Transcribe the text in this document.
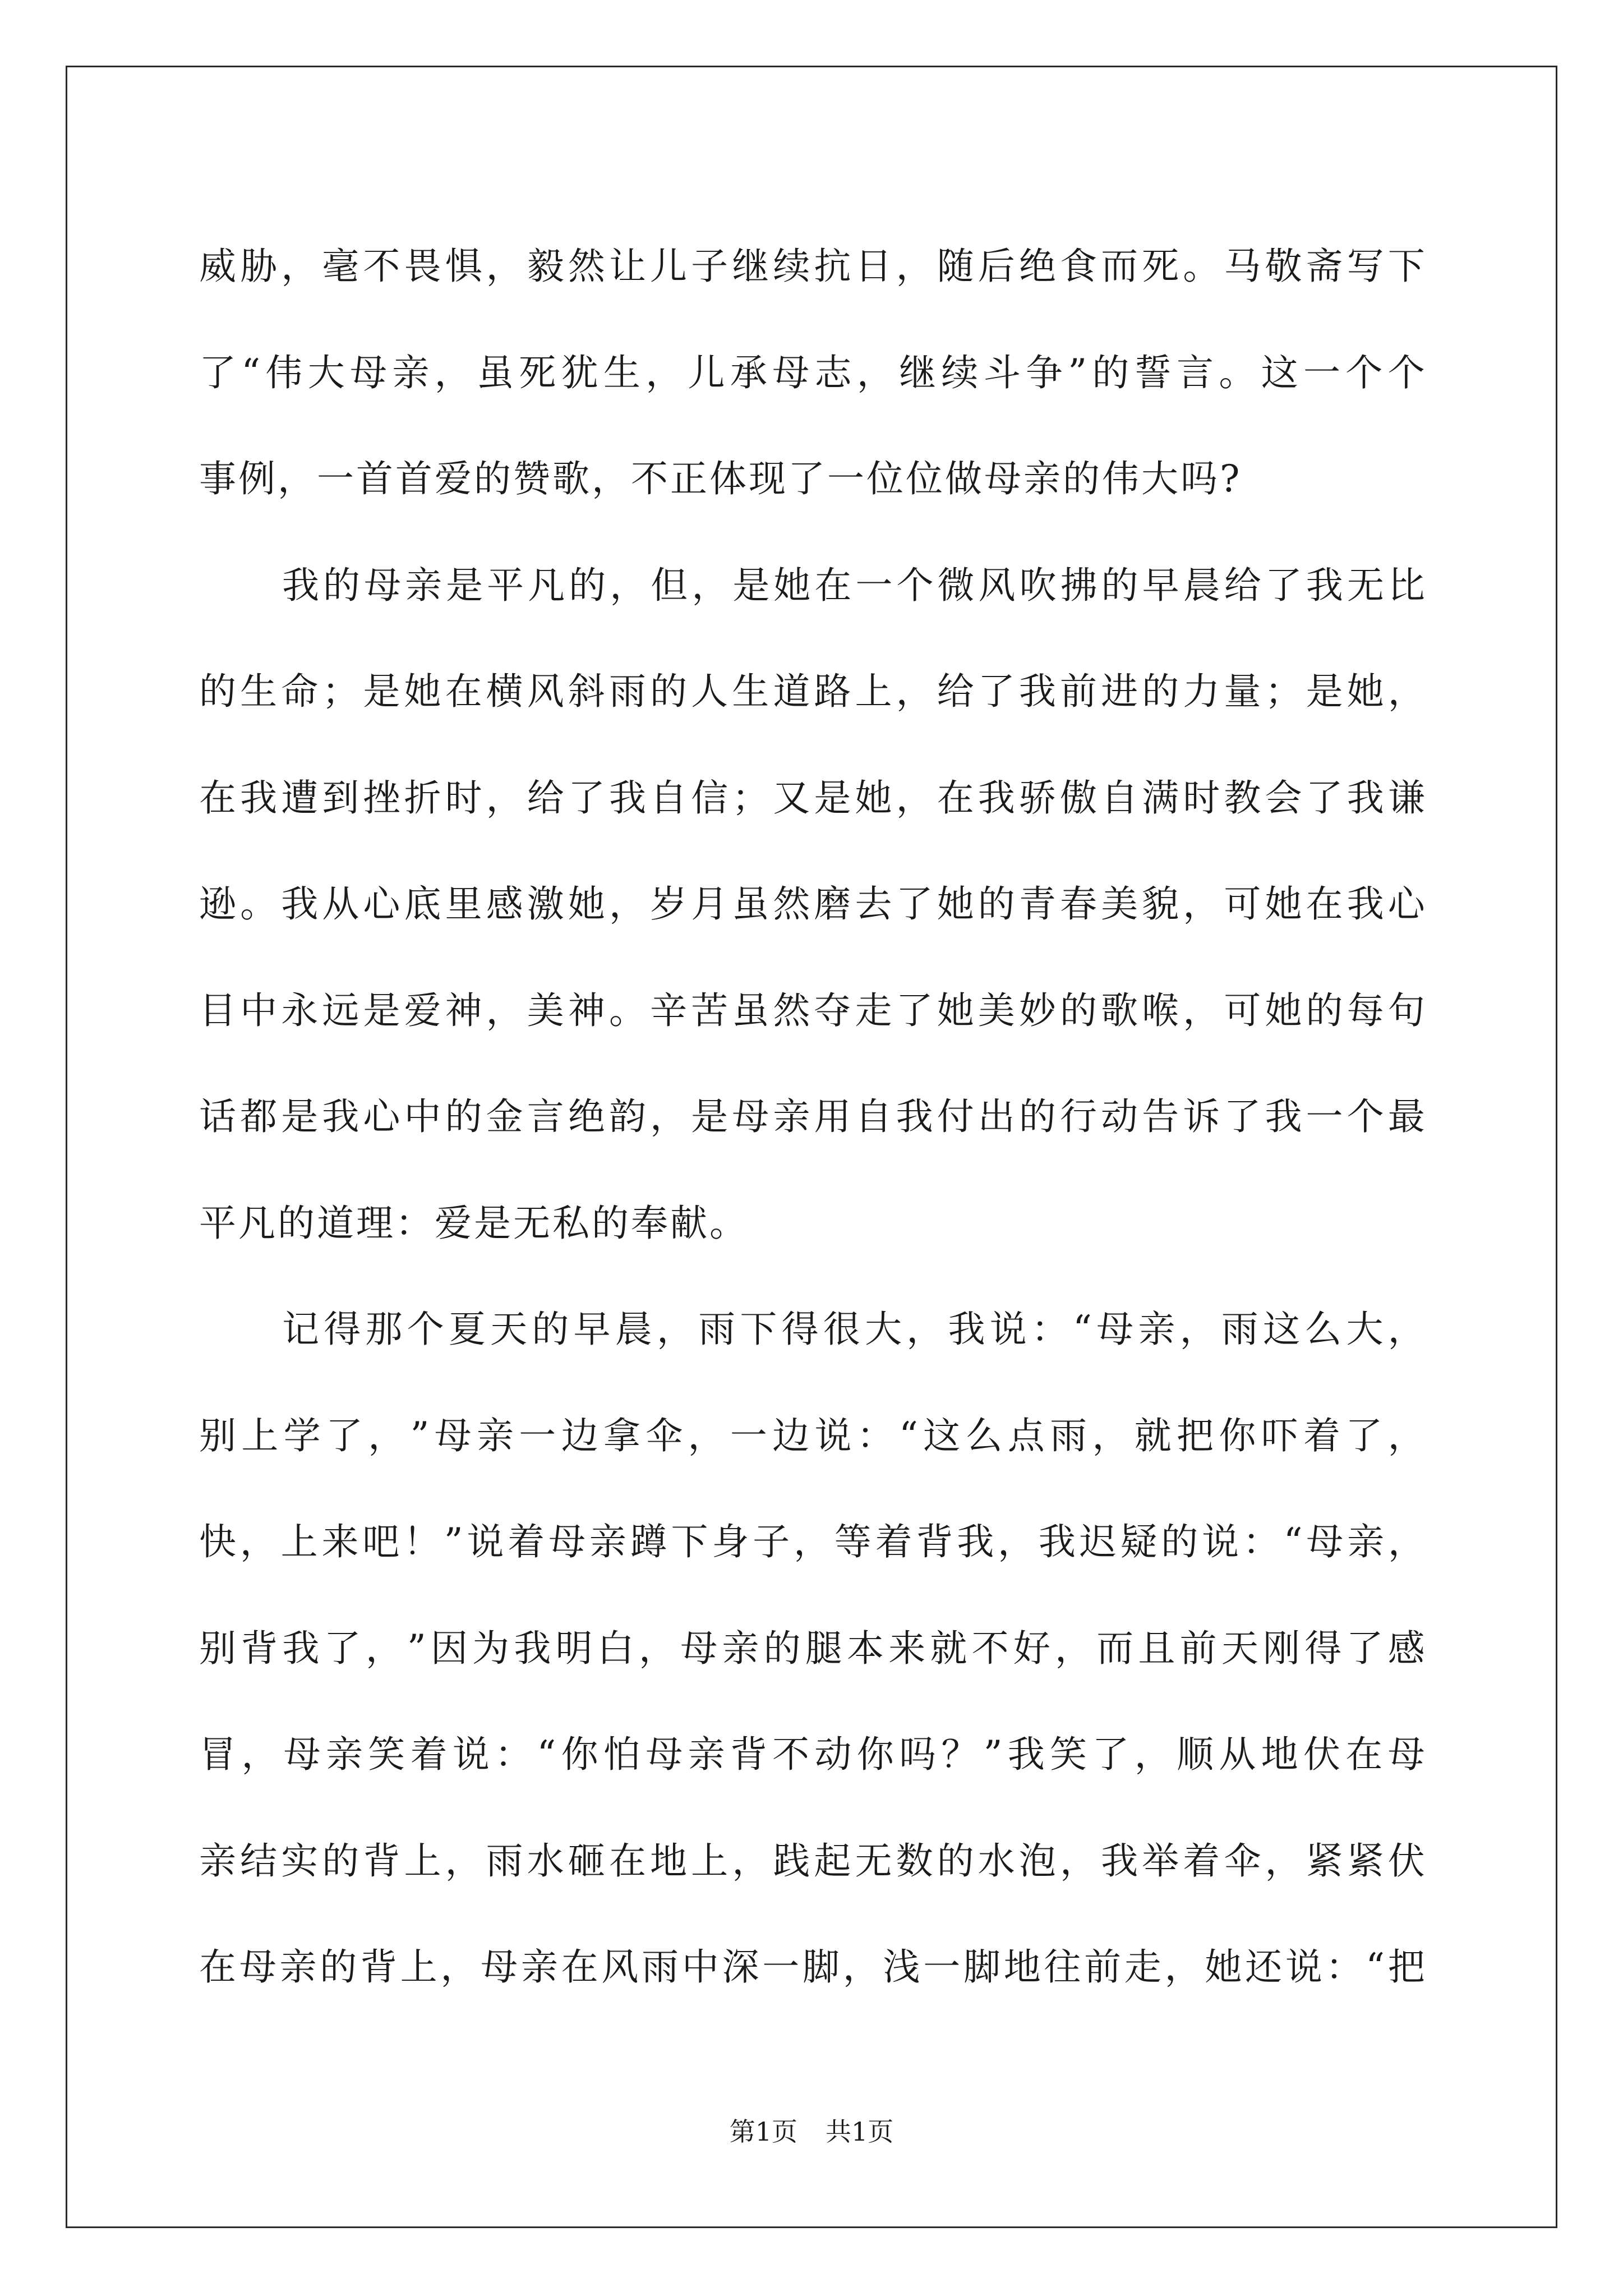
威 胁 ， 毫 不 畏 惧 ， 毅 然 让 儿 子 继 续 抗 日 ， 随 后 绝 食 而 死 。 马 敬 斋 写 下
了 “ 伟 大 母 亲 ， 虽 死 犹 生 ， 儿 承 母 志 ， 继 续 斗 争 ” 的 誓 言 。 这 一 个 个
事例，一首首爱的赞歌，不正体现了一位位做母亲的伟大吗?
我 的 母 亲 是 平 凡 的 ， 但 ， 是 她 在 一 个 微 风 吹 拂 的 早 晨 给 了 我 无 比
的 生 命 ； 是 她 在 横 风 斜 雨 的 人 生 道 路 上 ， 给 了 我 前 进 的 力 量 ； 是 她 ，
在 我 遭 到 挫 折 时 ， 给 了 我 自 信 ； 又 是 她 ， 在 我 骄 傲 自 满 时 教 会 了 我 谦
逊 。 我 从 心 底 里 感 激 她 ， 岁 月 虽 然 磨 去 了 她 的 青 春 美 貌 ， 可 她 在 我 心
目 中 永 远 是 爱 神 ， 美 神 。 辛 苦 虽 然 夺 走 了 她 美 妙 的 歌 喉 ， 可 她 的 每 句
话 都 是 我 心 中 的 金 言 绝 韵 ， 是 母 亲 用 自 我 付 出 的 行 动 告 诉 了 我 一 个 最
平凡的道理：爱是无私的奉献。
记 得 那 个 夏 天 的 早 晨 ， 雨 下 得 很 大 ， 我 说 ： “ 母 亲 ， 雨 这 么 大 ，
别 上 学 了 ， ” 母 亲 一 边 拿 伞 ， 一 边 说 ： “ 这 么 点 雨 ， 就 把 你 吓 着 了 ，
快 ， 上 来 吧 ！ ” 说 着 母 亲 蹲 下 身 子 ， 等 着 背 我 ， 我 迟 疑 的 说 ： “ 母 亲 ，
别 背 我 了 ， ” 因 为 我 明 白 ， 母 亲 的 腿 本 来 就 不 好 ， 而 且 前 天 刚 得 了 感
冒 ， 母 亲 笑 着 说 ： “ 你 怕 母 亲 背 不 动 你 吗 ？ ” 我 笑 了 ， 顺 从 地 伏 在 母
亲 结 实 的 背 上 ， 雨 水 砸 在 地 上 ， 践 起 无 数 的 水 泡 ， 我 举 着 伞 ， 紧 紧 伏
在 母 亲 的 背 上 ， 母 亲 在 风 雨 中 深 一 脚 ， 浅 一 脚 地 往 前 走 ， 她 还 说 ： “ 把
第1页 共1页
